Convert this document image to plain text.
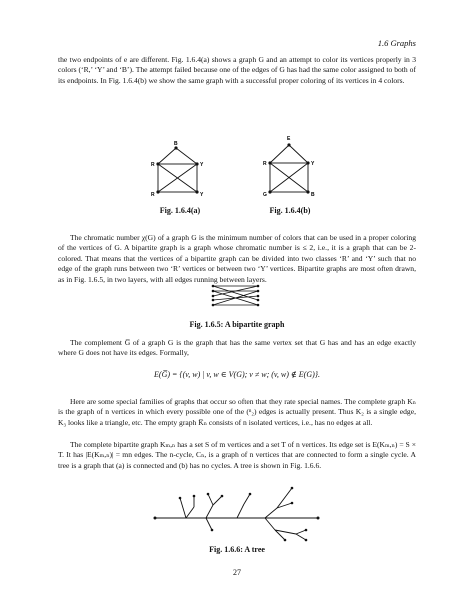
1.6 Graphs

the two endpoints of e are different. Fig. 1.6.4(a) shows a graph G and an attempt to color its vertices properly in 3 colors (‘R,’ ‘Y’ and ‘B’). The attempt failed because one of the edges of G has had the same color assigned to both of its endpoints. In Fig. 1.6.4(b) we show the same graph with a successful proper coloring of its vertices in 4 colors.

B
R	Y
R	Y
Fig. 1.6.4(a)
E
R	Y
G	B
Fig. 1.6.4(b)

The chromatic number χ(G) of a graph G is the minimum number of colors that can be used in a proper coloring of the vertices of G. A bipartite graph is a graph whose chromatic number is ≤ 2, i.e., it is a graph that can be 2-colored. That means that the vertices of a bipartite graph can be divided into two classes ‘R’ and ‘Y’ such that no edge of the graph runs between two ‘R’ vertices or between two ‘Y’ vertices. Bipartite graphs are most often drawn, as in Fig. 1.6.5, in two layers, with all edges running between layers.

Fig. 1.6.5: A bipartite graph

The complement G̅ of a graph G is the graph that has the same vertex set that G has and has an edge exactly where G does not have its edges. Formally,

E(G̅) = {(v, w) | v, w ∈ V(G); v ≠ w; (v, w) ∉ E(G)}.

Here are some special families of graphs that occur so often that they rate special names. The complete graph Kₙ is the graph of n vertices in which every possible one of the (ⁿ₂) edges is actually present. Thus K₂ is a single edge, K₃ looks like a triangle, etc. The empty graph K̅ₙ consists of n isolated vertices, i.e., has no edges at all.

The complete bipartite graph Kₘ,ₙ has a set S of m vertices and a set T of n vertices. Its edge set is E(Kₘ,ₙ) = S × T. It has |E(Kₘ,ₙ)| = mn edges. The n-cycle, Cₙ, is a graph of n vertices that are connected to form a single cycle. A tree is a graph that (a) is connected and (b) has no cycles. A tree is shown in Fig. 1.6.6.

Fig. 1.6.6: A tree
27
